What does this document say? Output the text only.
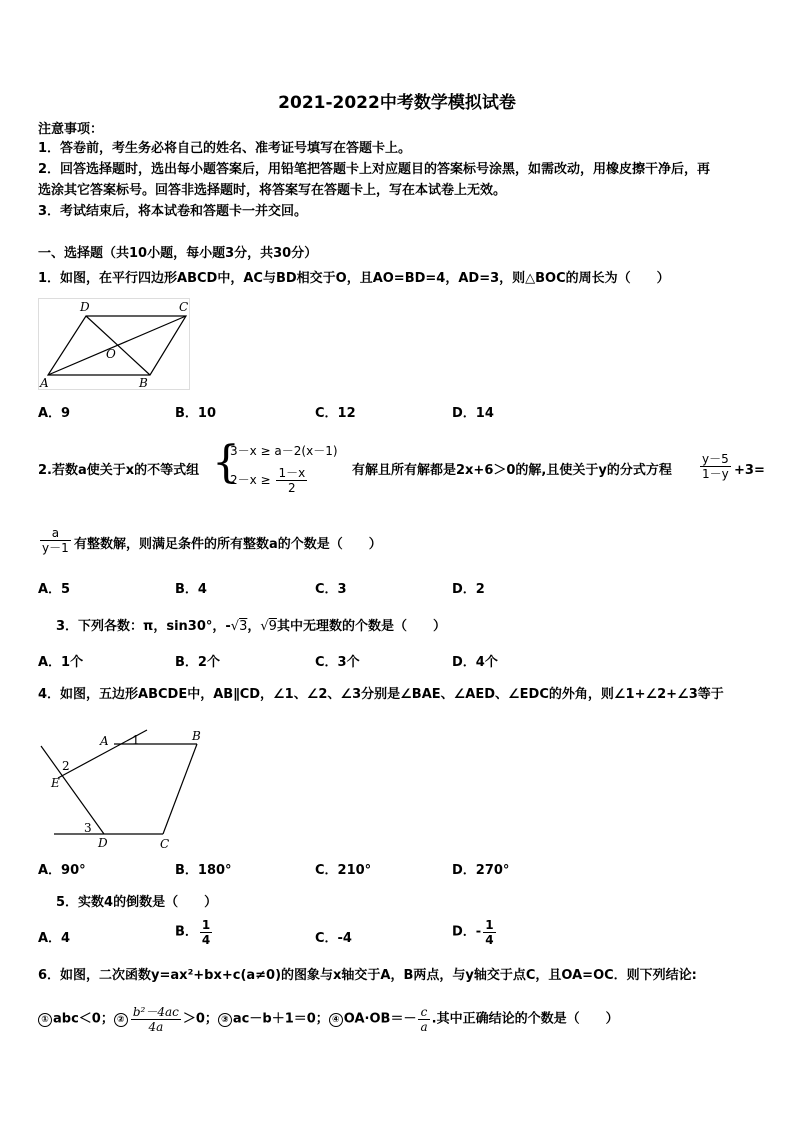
2021-2022中考数学模拟试卷
注意事项：
1．答卷前，考生务必将自己的姓名、准考证号填写在答题卡上。
2．回答选择题时，选出每小题答案后，用铅笔把答题卡上对应题目的答案标号涂黑，如需改动，用橡皮擦干净后，再
选涂其它答案标号。回答非选择题时，将答案写在答题卡上，写在本试卷上无效。
3．考试结束后，将本试卷和答题卡一并交回。
一、选择题（共10小题，每小题3分，共30分）
1．如图，在平行四边形ABCD中，AC与BD相交于O，且AO=BD=4，AD=3，则△BOC的周长为（　　）
D	C
O
A	B
A．9	B．10	C．12	D．14
2.若数a使关于x的不等式组 {
3－x ≥ a－2(x－1)
$2-x \ge \frac{1-x}{2}$	有解且所有解都是2x+6＞0的解,且使关于y的分式方程 $\frac{y-5}{1-y} +3=$
$\frac{a}{y-1}$ 有整数解，则满足条件的所有整数a的个数是（　　）
A．5	B．4	C．3	D．2
3．下列各数：π，sin30°，-√3，√9其中无理数的个数是（　　）
A．1个	B．2个	C．3个	D．4个
4．如图，五边形ABCDE中，AB∥CD，∠1、∠2、∠3分别是∠BAE、∠AED、∠EDC的外角，则∠1+∠2+∠3等于
A	B
C
D
E
1
2
3
A．90°	B．180°	C．210°	D．270°
5．实数4的倒数是（　　）
A．4	B． $\frac{1}{4}$	C．-4	D．- $\frac{1}{4}$
6．如图，二次函数y=ax²+bx+c(a≠0)的图象与x轴交于A，B两点，与y轴交于点C，且OA=OC．则下列结论:
① abc＜0； ② $\frac{\text{b²－4ac}}{4a} >0$； ③ ac－b＋1＝0； ④ $OA\cdot OB=- \frac{c}{a}$ .其中正确结论的个数是（　　）
